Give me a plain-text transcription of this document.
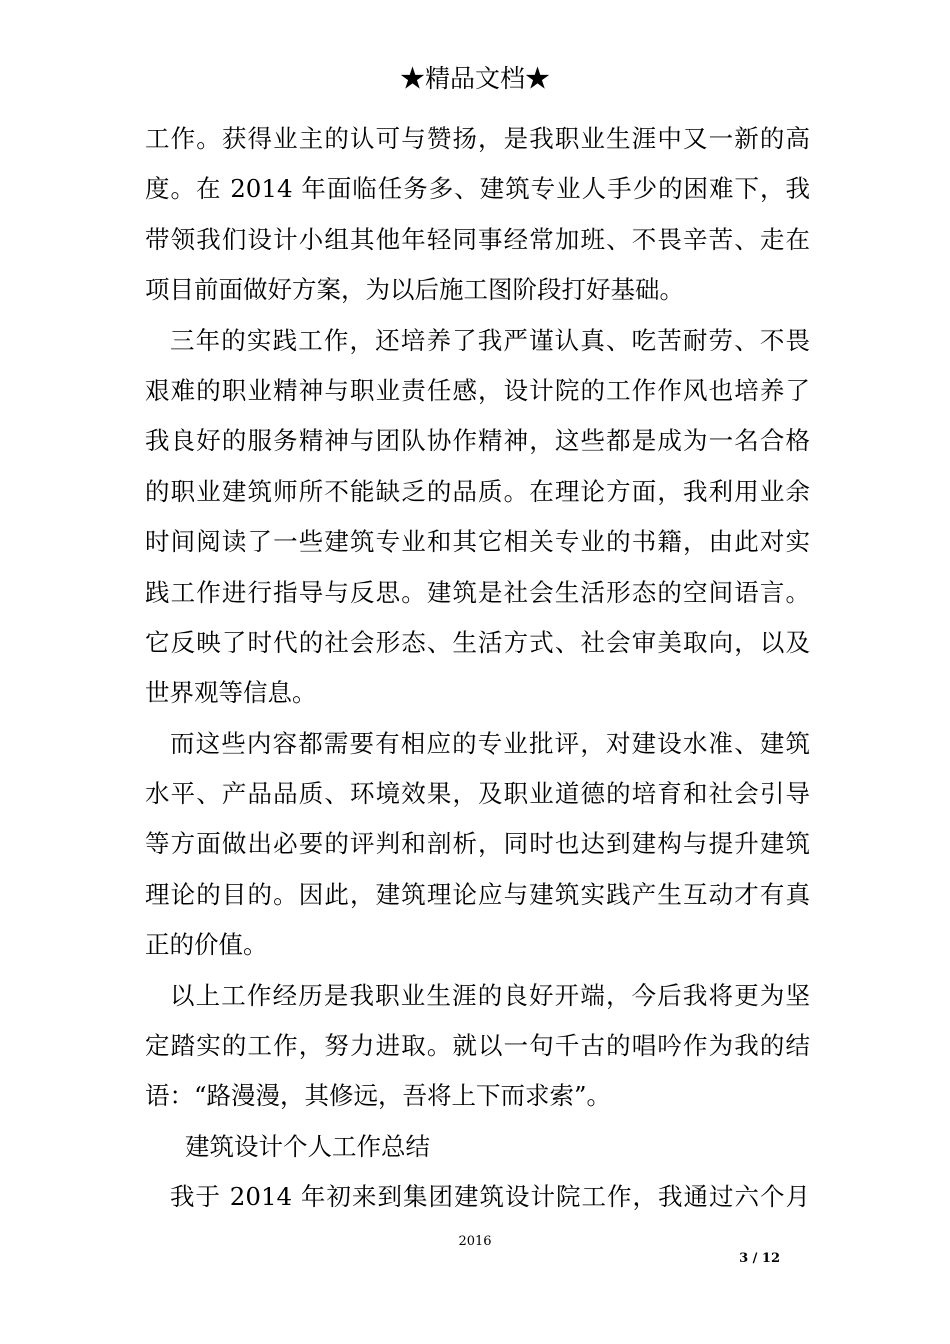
★精品文档★
工作。获得业主的认可与赞扬，是我职业生涯中又一新的高
度。在 2014 年面临任务多、建筑专业人手少的困难下，我
带领我们设计小组其他年轻同事经常加班、不畏辛苦、走在
项目前面做好方案，为以后施工图阶段打好基础。
三年的实践工作，还培养了我严谨认真、吃苦耐劳、不畏
艰难的职业精神与职业责任感，设计院的工作作风也培养了
我良好的服务精神与团队协作精神，这些都是成为一名合格
的职业建筑师所不能缺乏的品质。在理论方面，我利用业余
时间阅读了一些建筑专业和其它相关专业的书籍，由此对实
践工作进行指导与反思。建筑是社会生活形态的空间语言。
它反映了时代的社会形态、生活方式、社会审美取向，以及
世界观等信息。
而这些内容都需要有相应的专业批评，对建设水准、建筑
水平、产品品质、环境效果，及职业道德的培育和社会引导
等方面做出必要的评判和剖析，同时也达到建构与提升建筑
理论的目的。因此，建筑理论应与建筑实践产生互动才有真
正的价值。
以上工作经历是我职业生涯的良好开端，今后我将更为坚
定踏实的工作，努力进取。就以一句千古的唱吟作为我的结
语：“路漫漫，其修远，吾将上下而求索”。
建筑设计个人工作总结
我于 2014 年初来到集团建筑设计院工作，我通过六个月
2016
3 / 12
